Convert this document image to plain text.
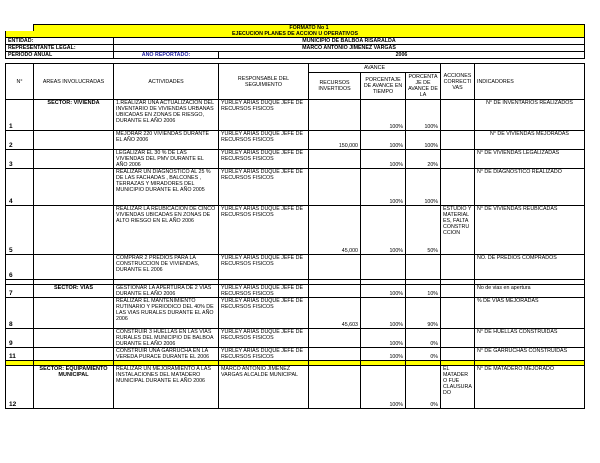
	FORMATO No 1							
EJECUCIÓN PLANES DE ACCIÓN U OPERATIVOS								
ENTIDAD:		MUNICIPIO DE BALBOA RISARALDA						
REPRESENTANTE LEGAL:		MARCO ANTONIO JIMENEZ VARGAS						
PERIODO ANUAL		AÑO REPORTADO:	2006					

N°	AREAS INVOLUCRADAS	ACTIVIDADES	RESPONSABLE DEL SEGUIMIENTO	AVANCE			ACCIONES CORRECTIVAS	INDICADORES
				RECURSOS INVERTIDOS	PORCENTAJE DE AVANCE EN TIEMPO	PORCENTAJE DE AVANCE DE LA		
1	SECTOR: VIVIENDA	1.REALIZAR UNA ACTUALIZACION DEL INVENTARIO DE VIVIENDAS URBANAS UBICADAS EN ZONAS DE RIESGO, DURANTE EL AÑO 2006	YURLEY ARIAS DUQUE JEFE DE RECURSOS FISICOS		100%	100%		N° DE INVENTARIOS REALIZADOS
2		MEJORAR 220 VIVIENDAS DURANTE EL AÑO 2006	YURLEY ARIAS DUQUE JEFE DE RECURSOS FISICOS	150,000	100%	100%		N° DE VIVIENDAS MEJORADAS
3		LEGALIZAR EL 30 % DE LAS VIVIENDAS DEL PMV DURANTE EL AÑO 2006	YURLEY ARIAS DUQUE JEFE DE RECURSOS FISICOS		100%	20%		N° DE VIVIENDAS LEGALIZADAS
4		REALIZAR UN DIAGNOSTICO AL 25 % DE LAS FACHADAS , BALCONES , TERRAZAS Y MIRADORES DEL MUNICIPIO DURANTE EL AÑO 2005	YURLEY ARIAS DUQUE JEFE DE RECURSOS FISICOS		100%	100%		N° DE DIAGNOSTICO REALIZADO
5		REALIZAR LA REUBICACION DE CINCO VIVIENDAS UBICADAS EN ZONAS DE ALTO RIESGO EN EL AÑO 2006	YURLEY ARIAS DUQUE JEFE DE RECURSOS FISICOS	45,000	100%	50%	ESTUDIO Y MATERIALES, FALTA CONSTRUCCION	N° DE VIVIENDAS REUBICADAS
6		COMPRAR 2 PREDIOS PARA LA CONSTRUCCION DE VIVIENDAS, DURANTE EL 2006	YURLEY ARIAS DUQUE JEFE DE RECURSOS FISICOS					NO. DE PREDIOS COMPRADOS

7	SECTOR: VIAS	GESTIONAR LA APERTURA DE 2 VIAS DURANTE EL AÑO 2006	YURLEY ARIAS DUQUE JEFE DE RECURSOS FISICOS		100%	10%		No de vias en apertura
8		REALIZAR EL MANTENIMIENTO RUTINARIO Y PERIODICO DEL 40% DE LAS VIAS RURALES DURANTE EL AÑO 2006	YURLEY ARIAS DUQUE JEFE DE RECURSOS FISICOS	45,603	100%	90%		% DE VIAS MEJORADAS
9		CONSTRUIR 3 HUELLAS EN LAS VIAS RURALES DEL MUNICIPIO DE BALBOA DURANTE EL AÑO 2006	YURLEY ARIAS DUQUE JEFE DE RECURSOS FISICOS		100%	0%		N° DE HUELLAS CONSTRUIDAS
11		CONSTRUIR UNA GARRUCHA EN LA VEREDA PURACE DURANTE EL 2006	YURLEY ARIAS DUQUE JEFE DE RECURSOS FISICOS		100%	0%		N° DE GARRUCHAS CONSTRUIDAS

12	SECTOR: EQUIPAMIENTO MUNICIPAL	REALIZAR UN MEJORAMIENTO A LAS INSTALACIONES DEL MATADERO MUNICIPAL DURANTE EL AÑO 2006	MARCO ANTONIO JIMENEZ VARGAS ALCALDE MUNICIPAL		100%	0%	EL MATADERO FUE CLAUSURADO	N° DE MATADERO MEJORADO
